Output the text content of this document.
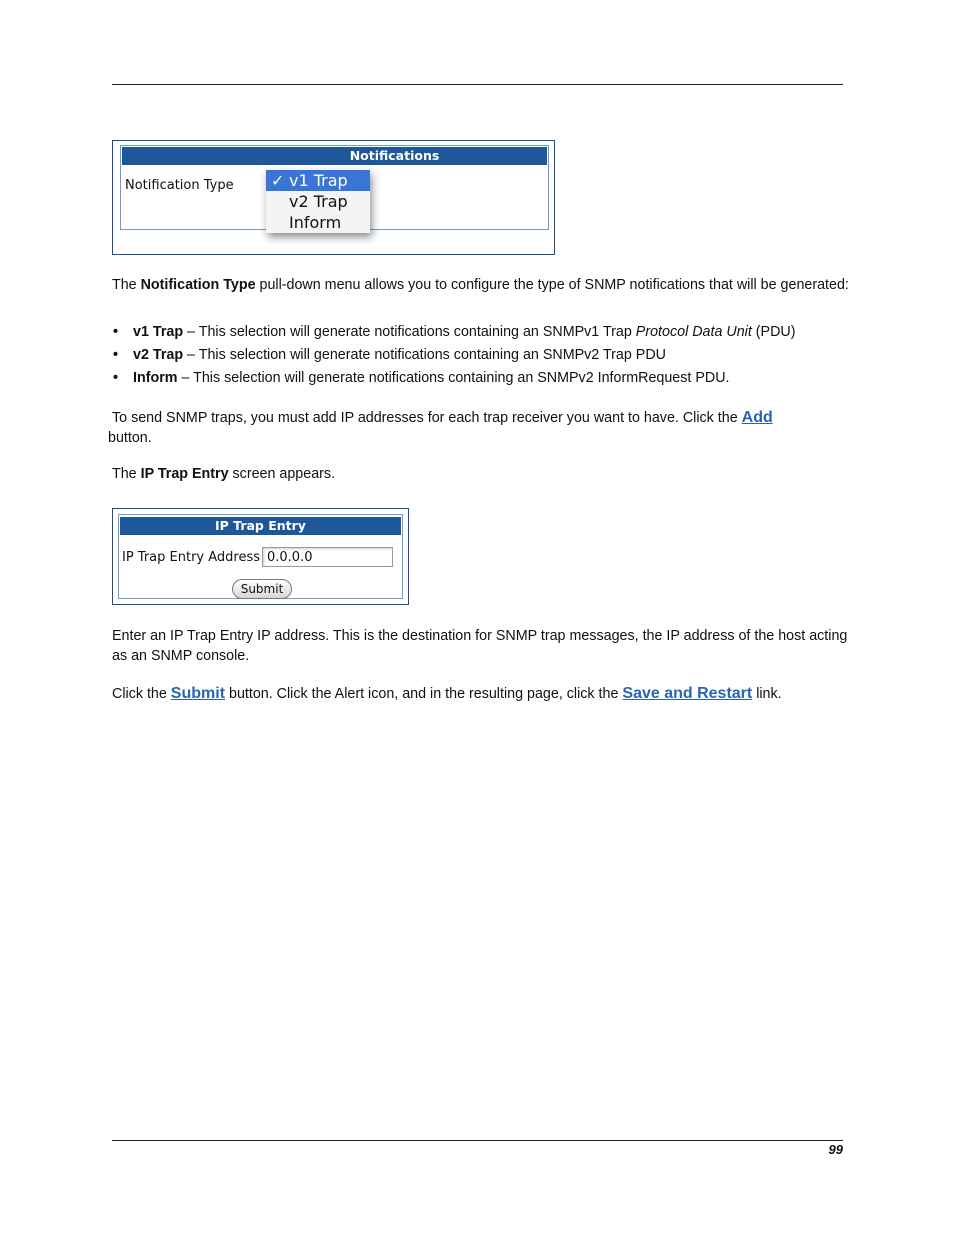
Notifications
Notification Type ✓ v1 Trap
v2 Trap
Inform
The Notification Type pull-down menu allows you to configure the type of SNMP notifications that will be generated:
• v1 Trap – This selection will generate notifications containing an SNMPv1 Trap Protocol Data Unit (PDU)
• v2 Trap – This selection will generate notifications containing an SNMPv2 Trap PDU
• Inform – This selection will generate notifications containing an SNMPv2 InformRequest PDU.
To send SNMP traps, you must add IP addresses for each trap receiver you want to have. Click the Add
button.
The IP Trap Entry screen appears.
IP Trap Entry
IP Trap Entry Address 0.0.0.0
Submit
Enter an IP Trap Entry IP address. This is the destination for SNMP trap messages, the IP address of the host acting as an SNMP console.
Click the Submit button. Click the Alert icon, and in the resulting page, click the Save and Restart link.
99
